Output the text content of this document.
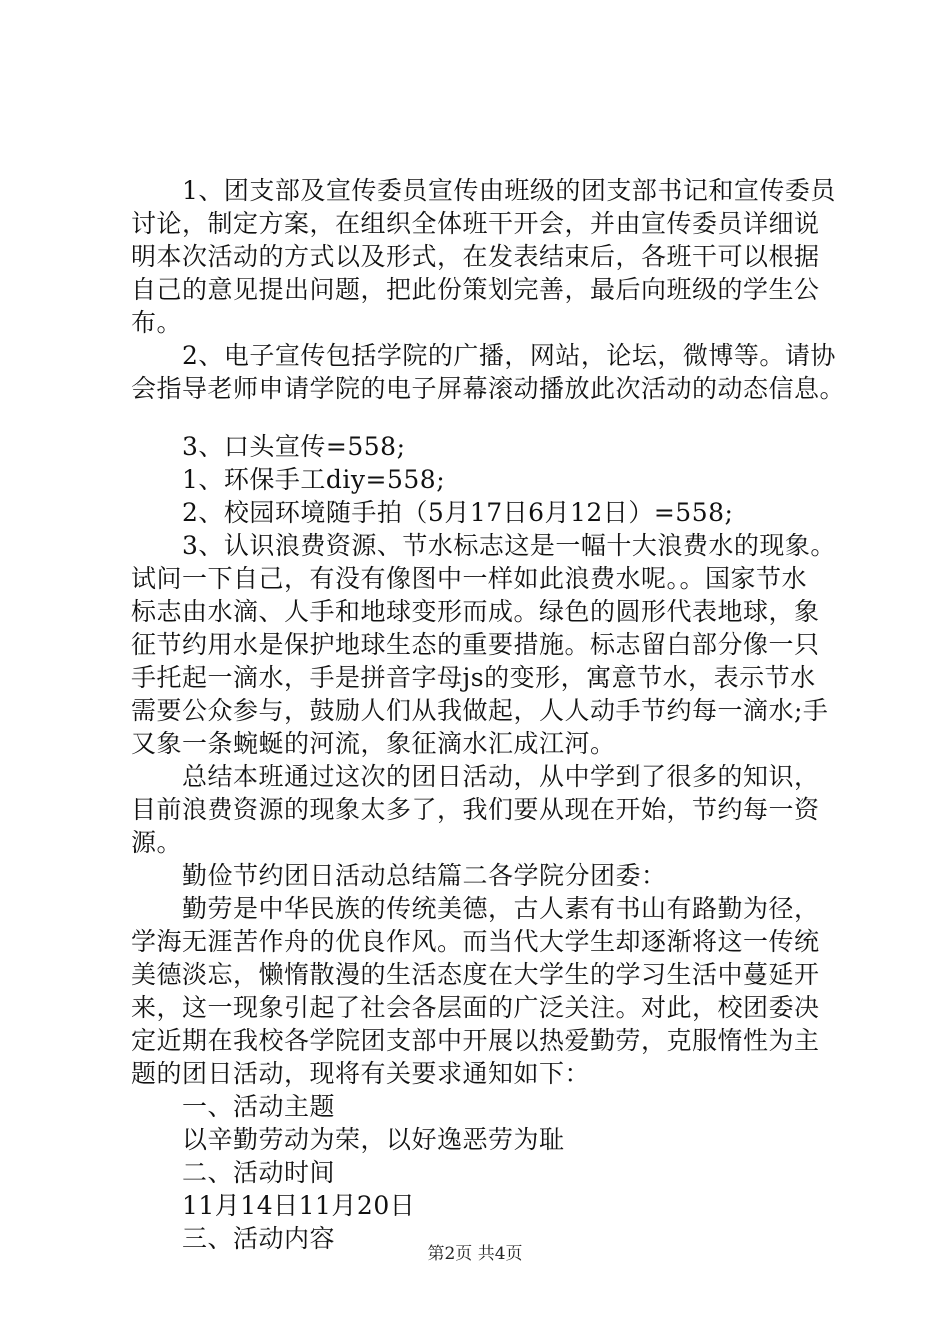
　　1、团支部及宣传委员宣传由班级的团支部书记和宣传委员
讨论，制定方案，在组织全体班干开会，并由宣传委员详细说
明本次活动的方式以及形式，在发表结束后，各班干可以根据
自己的意见提出问题，把此份策划完善，最后向班级的学生公
布。
　　2、电子宣传包括学院的广播，网站，论坛，微博等。请协
会指导老师申请学院的电子屏幕滚动播放此次活动的动态信息。
　　3、口头宣传=558;
　　1、环保手工diy=558;
　　2、校园环境随手拍（5月17日6月12日）=558;
　　3、认识浪费资源、节水标志这是一幅十大浪费水的现象。
试问一下自己，有没有像图中一样如此浪费水呢。。国家节水
标志由水滴、人手和地球变形而成。绿色的圆形代表地球，象
征节约用水是保护地球生态的重要措施。标志留白部分像一只
手托起一滴水，手是拼音字母js的变形，寓意节水，表示节水
需要公众参与，鼓励人们从我做起，人人动手节约每一滴水;手
又象一条蜿蜒的河流，象征滴水汇成江河。
　　总结本班通过这次的团日活动，从中学到了很多的知识，
目前浪费资源的现象太多了，我们要从现在开始，节约每一资
源。
　　勤俭节约团日活动总结篇二各学院分团委：
　　勤劳是中华民族的传统美德，古人素有书山有路勤为径，
学海无涯苦作舟的优良作风。而当代大学生却逐渐将这一传统
美德淡忘，懒惰散漫的生活态度在大学生的学习生活中蔓延开
来，这一现象引起了社会各层面的广泛关注。对此，校团委决
定近期在我校各学院团支部中开展以热爱勤劳，克服惰性为主
题的团日活动，现将有关要求通知如下：
　　一、活动主题
　　以辛勤劳动为荣，以好逸恶劳为耻
　　二、活动时间
　　11月14日11月20日
　　三、活动内容
第2页 共4页
